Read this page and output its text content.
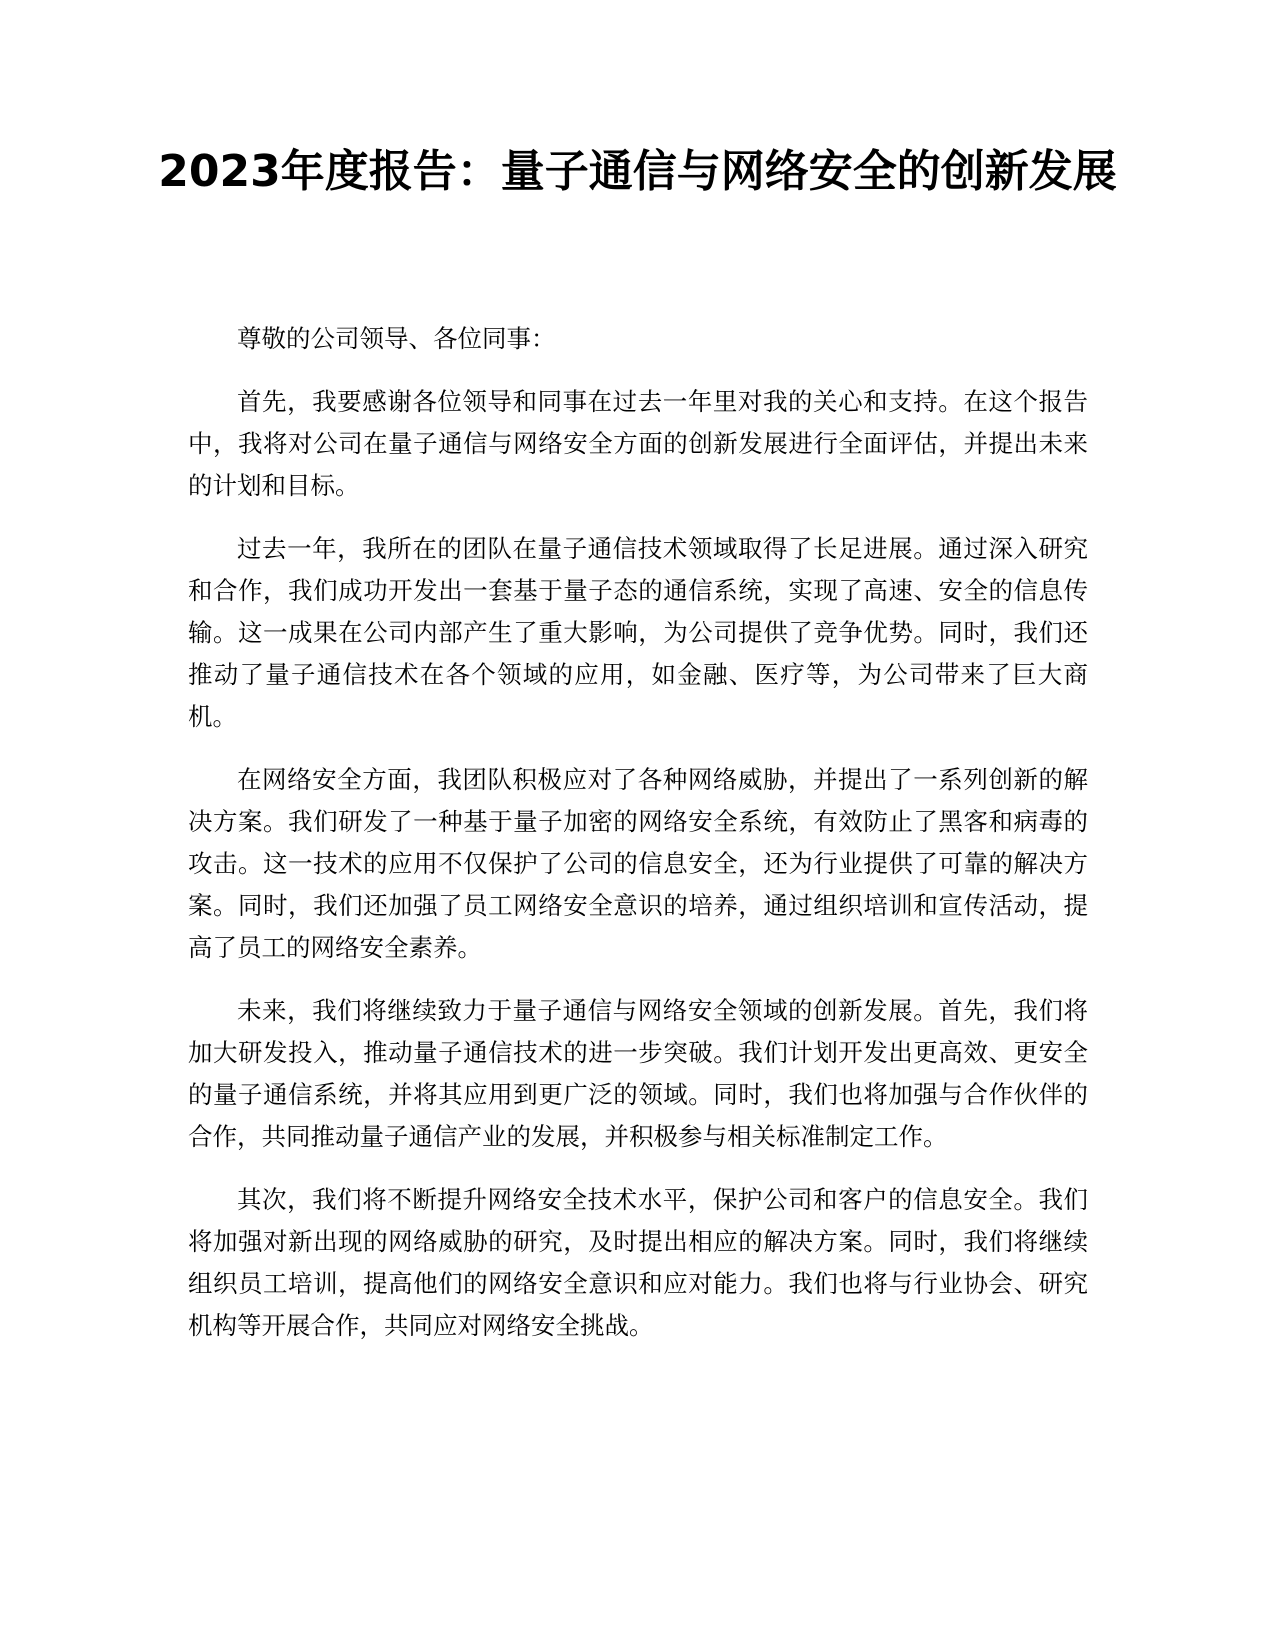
2023年度报告：量子通信与网络安全的创新发展

尊敬的公司领导、各位同事：

首先，我要感谢各位领导和同事在过去一年里对我的关心和支持。在这个报告中，我将对公司在量子通信与网络安全方面的创新发展进行全面评估，并提出未来的计划和目标。

过去一年，我所在的团队在量子通信技术领域取得了长足进展。通过深入研究和合作，我们成功开发出一套基于量子态的通信系统，实现了高速、安全的信息传输。这一成果在公司内部产生了重大影响，为公司提供了竞争优势。同时，我们还推动了量子通信技术在各个领域的应用，如金融、医疗等，为公司带来了巨大商机。

在网络安全方面，我团队积极应对了各种网络威胁，并提出了一系列创新的解决方案。我们研发了一种基于量子加密的网络安全系统，有效防止了黑客和病毒的攻击。这一技术的应用不仅保护了公司的信息安全，还为行业提供了可靠的解决方案。同时，我们还加强了员工网络安全意识的培养，通过组织培训和宣传活动，提高了员工的网络安全素养。

未来，我们将继续致力于量子通信与网络安全领域的创新发展。首先，我们将加大研发投入，推动量子通信技术的进一步突破。我们计划开发出更高效、更安全的量子通信系统，并将其应用到更广泛的领域。同时，我们也将加强与合作伙伴的合作，共同推动量子通信产业的发展，并积极参与相关标准制定工作。

其次，我们将不断提升网络安全技术水平，保护公司和客户的信息安全。我们将加强对新出现的网络威胁的研究，及时提出相应的解决方案。同时，我们将继续组织员工培训，提高他们的网络安全意识和应对能力。我们也将与行业协会、研究机构等开展合作，共同应对网络安全挑战。
